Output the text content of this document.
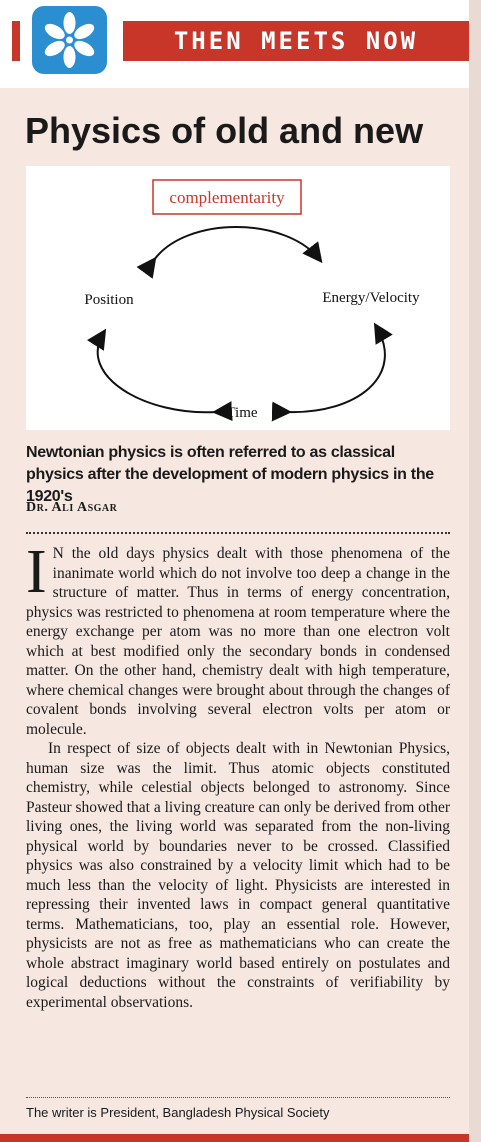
THEN MEETS NOW
Physics of old and new
complementarity
Position	Energy/Velocity
Time
Newtonian physics is often referred to as classical physics after the development of modern physics in the 1920's
Dr. Ali Asgar

I N the old days physics dealt with those phenomena of the inanimate world which do not involve too deep a change in the structure of matter. Thus in terms of energy concentration, physics was restricted to phenomena at room temperature where the energy exchange per atom was no more than one electron volt which at best modified only the secondary bonds in condensed matter. On the other hand, chemistry dealt with high temperature, where chemical changes were brought about through the changes of covalent bonds involving several electron volts per atom or molecule.

In respect of size of objects dealt with in Newtonian Physics, human size was the limit. Thus atomic objects constituted chemistry, while celestial objects belonged to astronomy. Since Pasteur showed that a living creature can only be derived from other living ones, the living world was separated from the non-living physical world by boundaries never to be crossed. Classified physics was also constrained by a velocity limit which had to be much less than the velocity of light. Physicists are interested in repressing their invented laws in compact general quantitative terms. Mathematicians, too, play an essential role. However, physicists are not as free as mathematicians who can create the whole abstract imaginary world based entirely on postulates and logical deductions without the constraints of verifiability by experimental observations.

The writer is President, Bangladesh Physical Society
